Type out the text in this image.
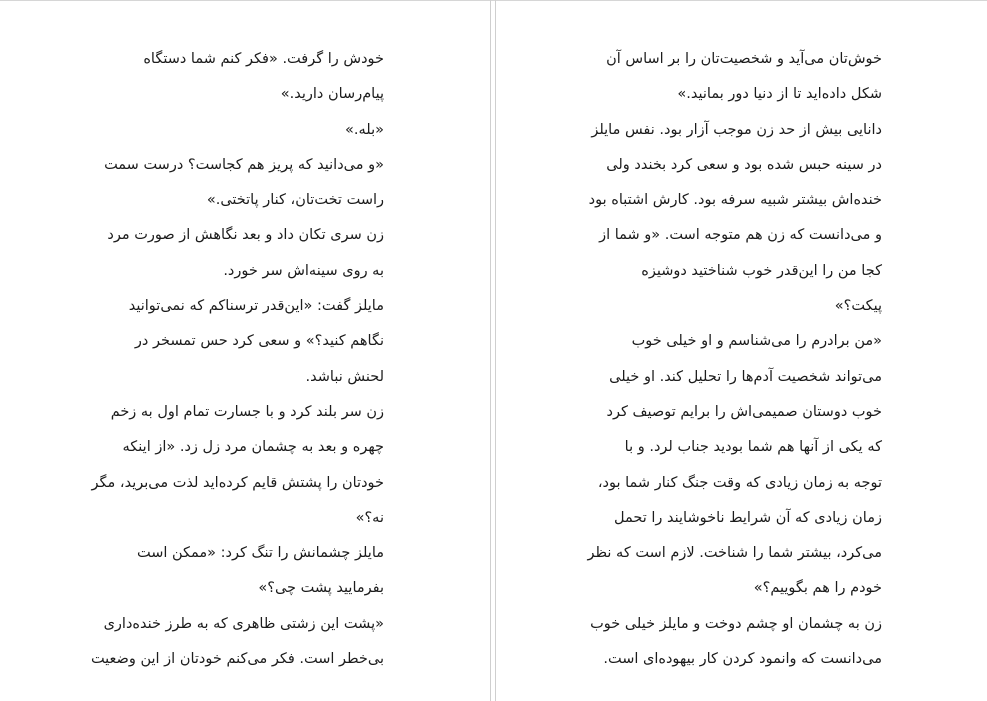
خودش را گرفت. «فکر کنم شما دستگاه
پیام‌رسان دارید.»
«بله.»
«و می‌دانید که پریز هم کجاست؟ درست سمت
راست تخت‌تان، کنار پاتختی.»
زن سری تکان داد و بعد نگاهش از صورت مرد
به روی سینه‌اش سر خورد.
مایلز گفت: «این‌قدر ترسناکم که نمی‌توانید
نگاهم کنید؟» و سعی کرد حس تمسخر در
لحنش نباشد.
زن سر بلند کرد و با جسارت تمام اول به زخم
چهره و بعد به چشمان مرد زل زد. «از اینکه
خودتان را پشتش قایم کرده‌اید لذت می‌برید، مگر
نه؟»
مایلز چشمانش را تنگ کرد: «ممکن است
بفرمایید پشت چی؟»
«پشت این زشتی ظاهری که به طرز خنده‌داری
بی‌خطر است. فکر می‌کنم خودتان از این وضعیت
خوش‌تان می‌آید و شخصیت‌تان را بر اساس آن
شکل داده‌اید تا از دنیا دور بمانید.»
دانایی بیش از حد زن موجب آزار بود. نفس مایلز
در سینه حبس شده بود و سعی کرد بخندد ولی
خنده‌اش بیشتر شبیه سرفه بود. کارش اشتباه بود
و می‌دانست که زن هم متوجه است. «و شما از
کجا من را این‌قدر خوب شناختید دوشیزه
پیکت؟»
«من برادرم را می‌شناسم و او خیلی خوب
می‌تواند شخصیت آدم‌ها را تحلیل کند. او خیلی
خوب دوستان صمیمی‌اش را برایم توصیف کرد
که یکی از آنها هم شما بودید جناب لرد. و با
توجه به زمان زیادی که وقت جنگ کنار شما بود،
زمان زیادی که آن شرایط ناخوشایند را تحمل
می‌کرد، بیشتر شما را شناخت. لازم است که نظر
خودم را هم بگوییم؟»
زن به چشمان او چشم دوخت و مایلز خیلی خوب
می‌دانست که وانمود کردن کار بیهوده‌ای است.
